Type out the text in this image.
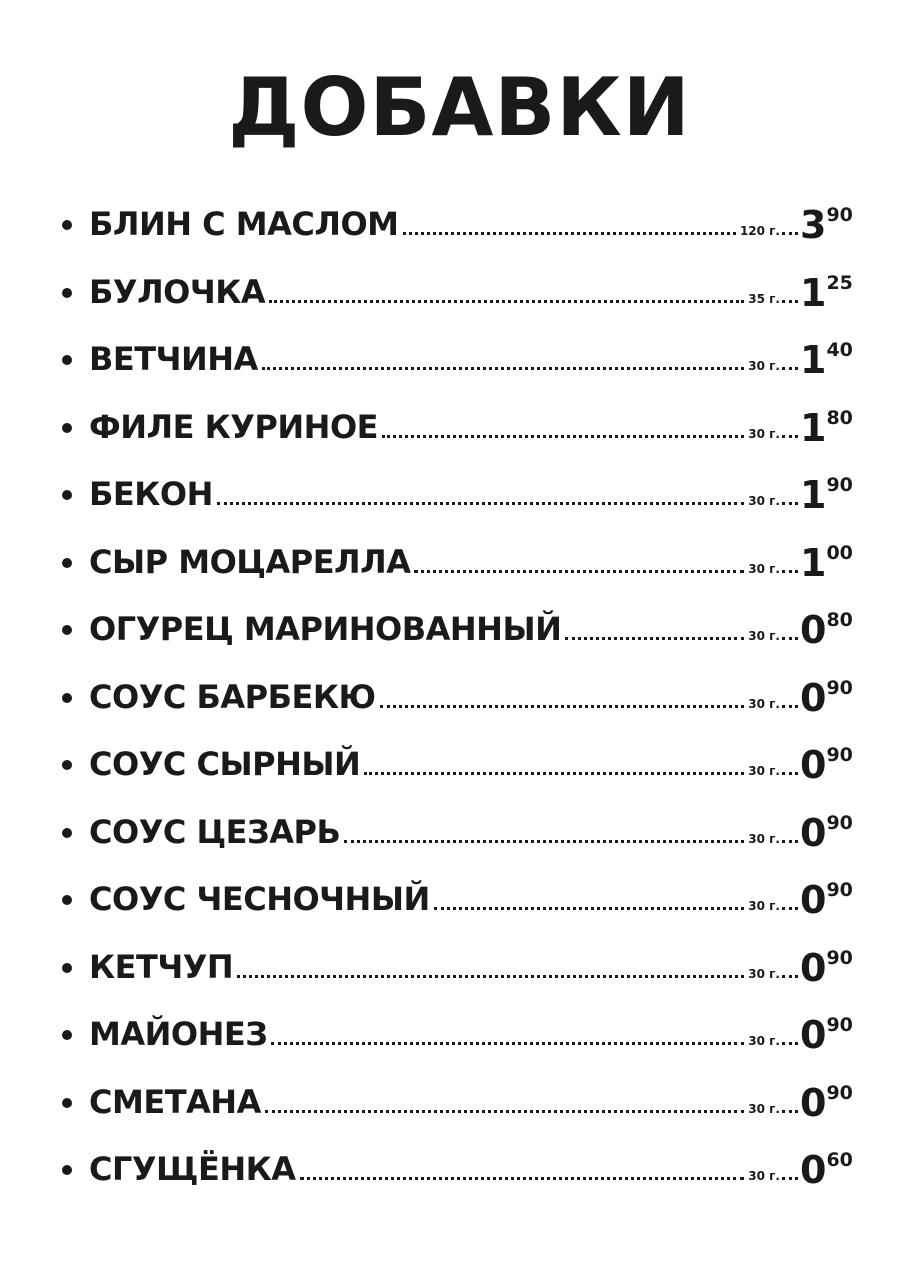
ДОБАВКИ
БЛИН С МАСЛОМ	120 г. 390
БУЛОЧКА	35 г. 125
ВЕТЧИНА	30 г. 140
ФИЛЕ КУРИНОЕ	30 г. 180
БЕКОН	30 г. 190
СЫР МОЦАРЕЛЛА	30 г. 100
ОГУРЕЦ МАРИНОВАННЫЙ	30 г. 080
СОУС БАРБЕКЮ	30 г. 090
СОУС СЫРНЫЙ	30 г. 090
СОУС ЦЕЗАРЬ	30 г. 090
СОУС ЧЕСНОЧНЫЙ	30 г. 090
КЕТЧУП	30 г. 090
МАЙОНЕЗ	30 г. 090
СМЕТАНА	30 г. 090
СГУЩЁНКА	30 г. 060
